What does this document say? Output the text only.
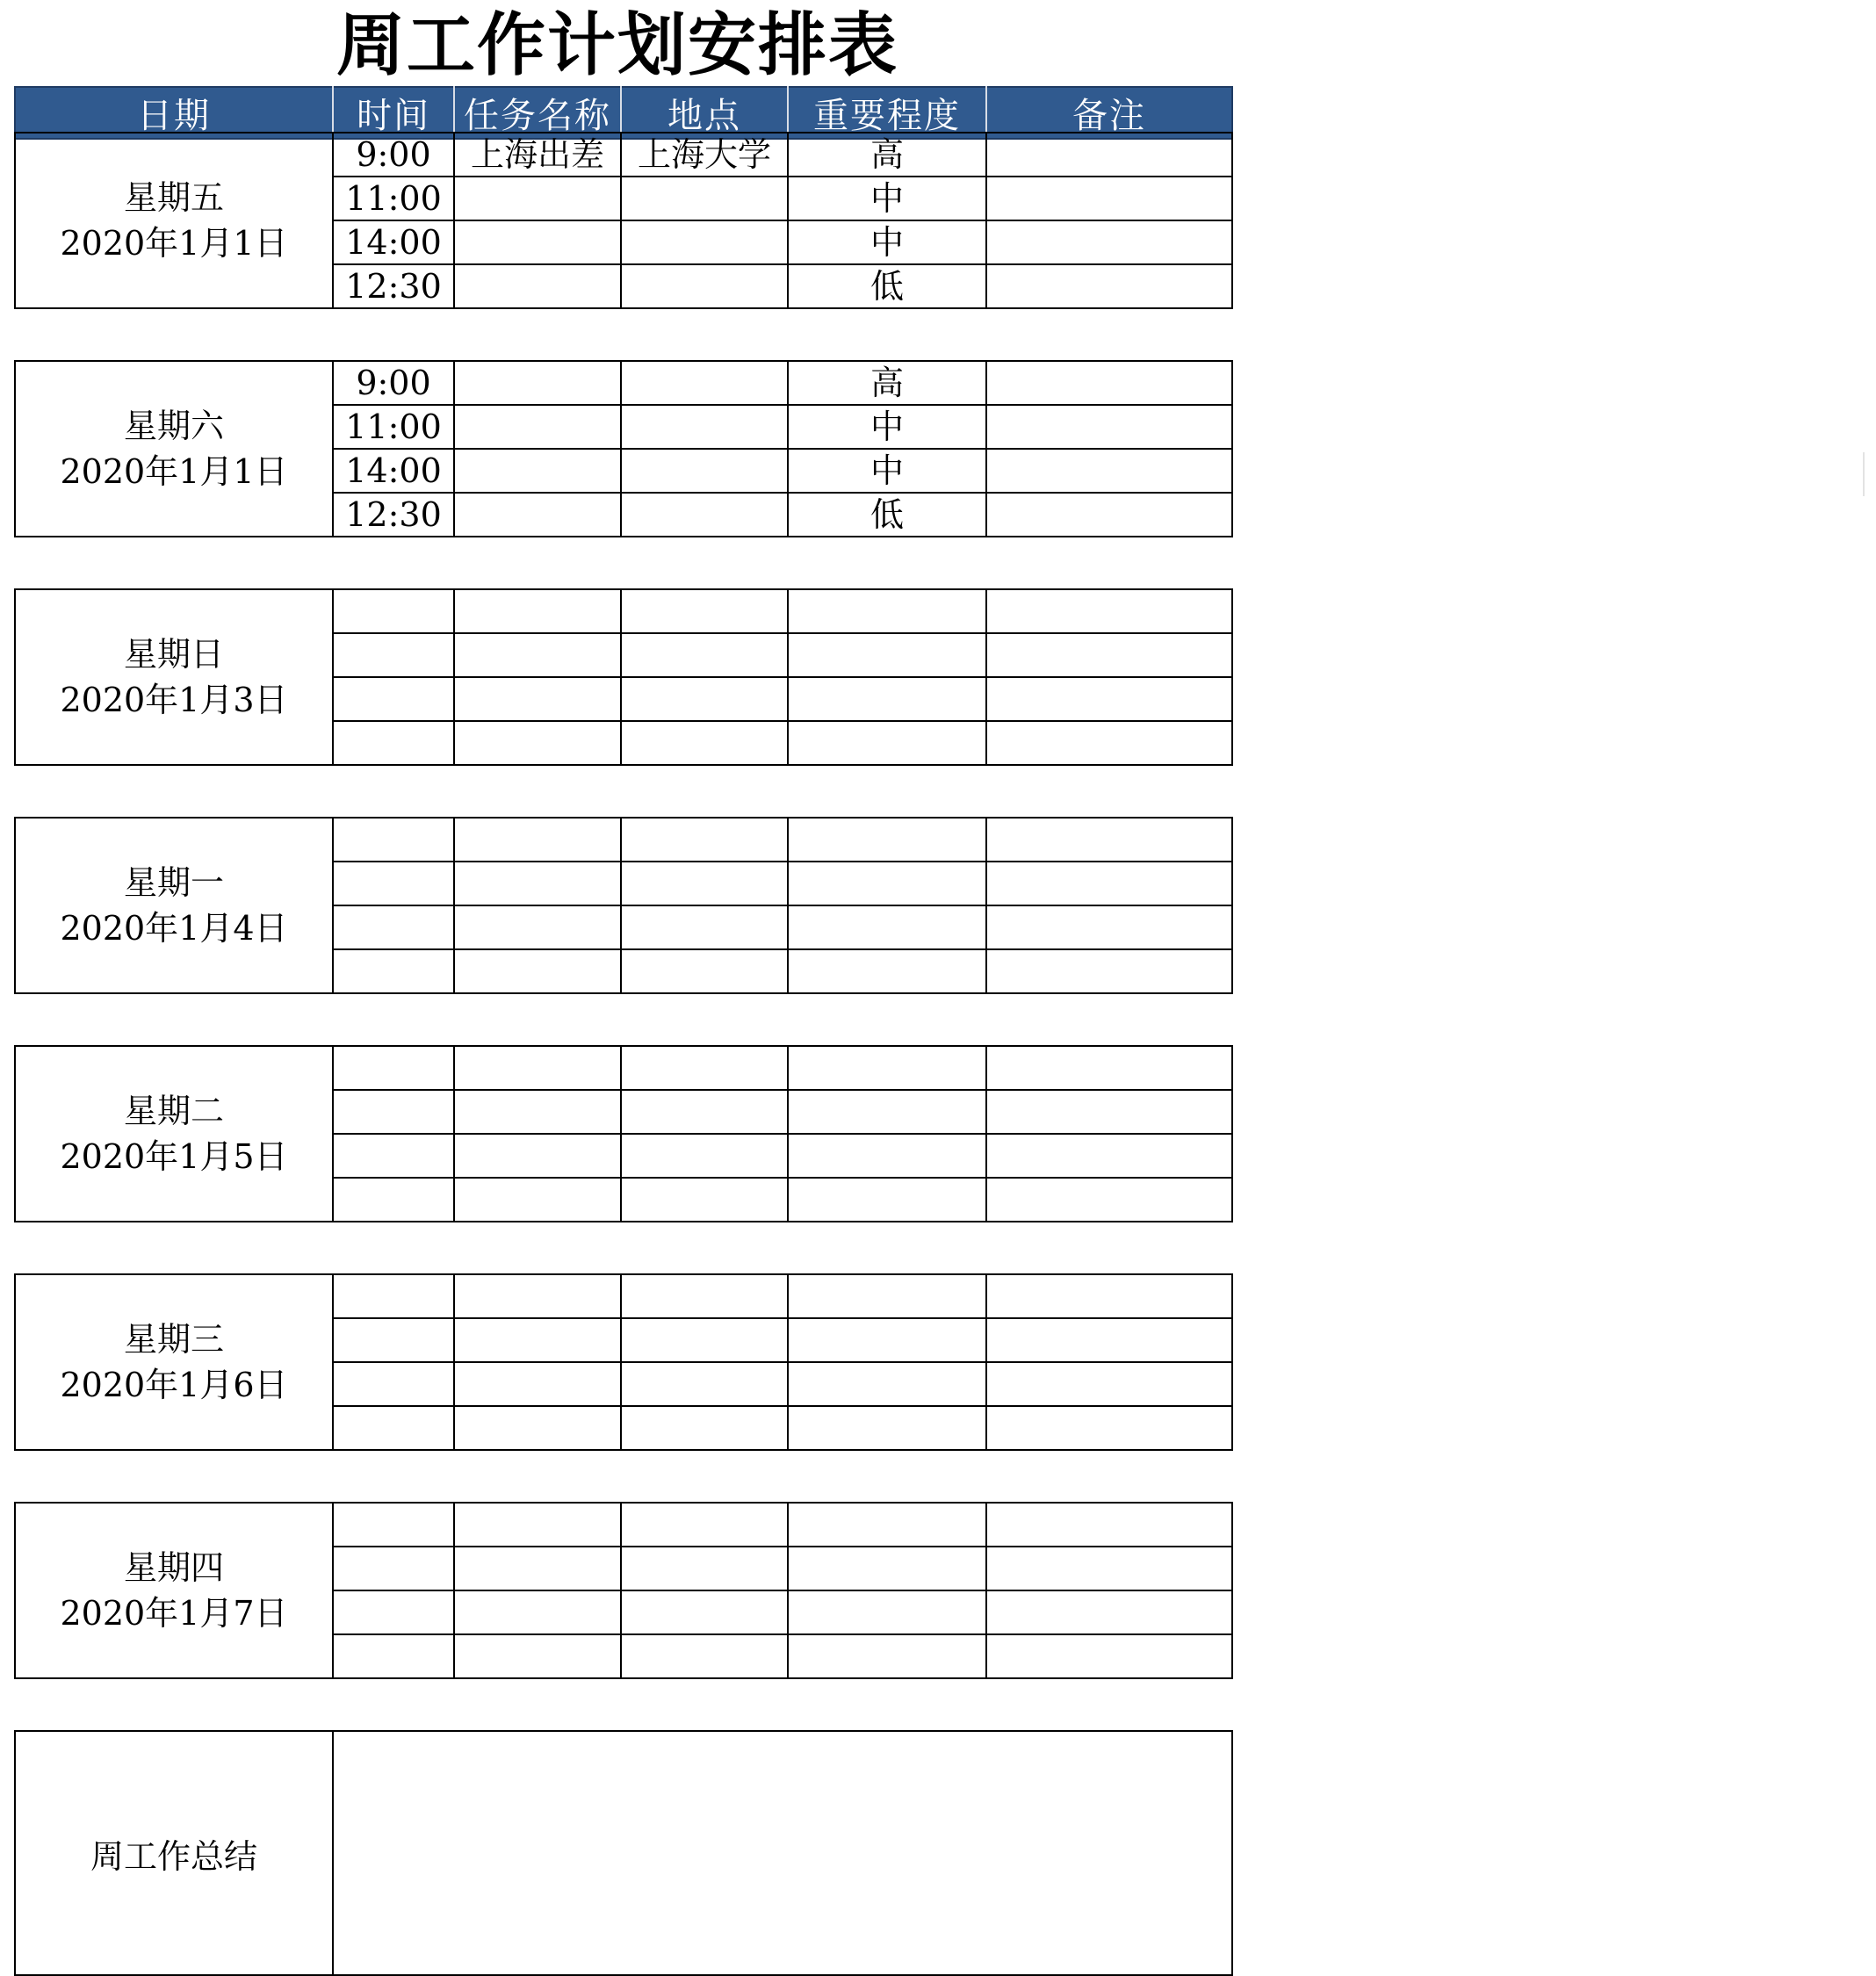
周工作计划安排表
日期	时间	任务名称	地点	重要程度	备注
星期五
2020年1月1日	9:00	上海出差	上海大学	高	
	11:00			中	
	14:00			中	
	12:30			低	
星期六
2020年1月1日	9:00			高	
	11:00			中	
	14:00			中	
	12:30			低	
星期日
2020年1月3日					

星期一
2020年1月4日					

星期二
2020年1月5日					

星期三
2020年1月6日					

星期四
2020年1月7日					

周工作总结	
